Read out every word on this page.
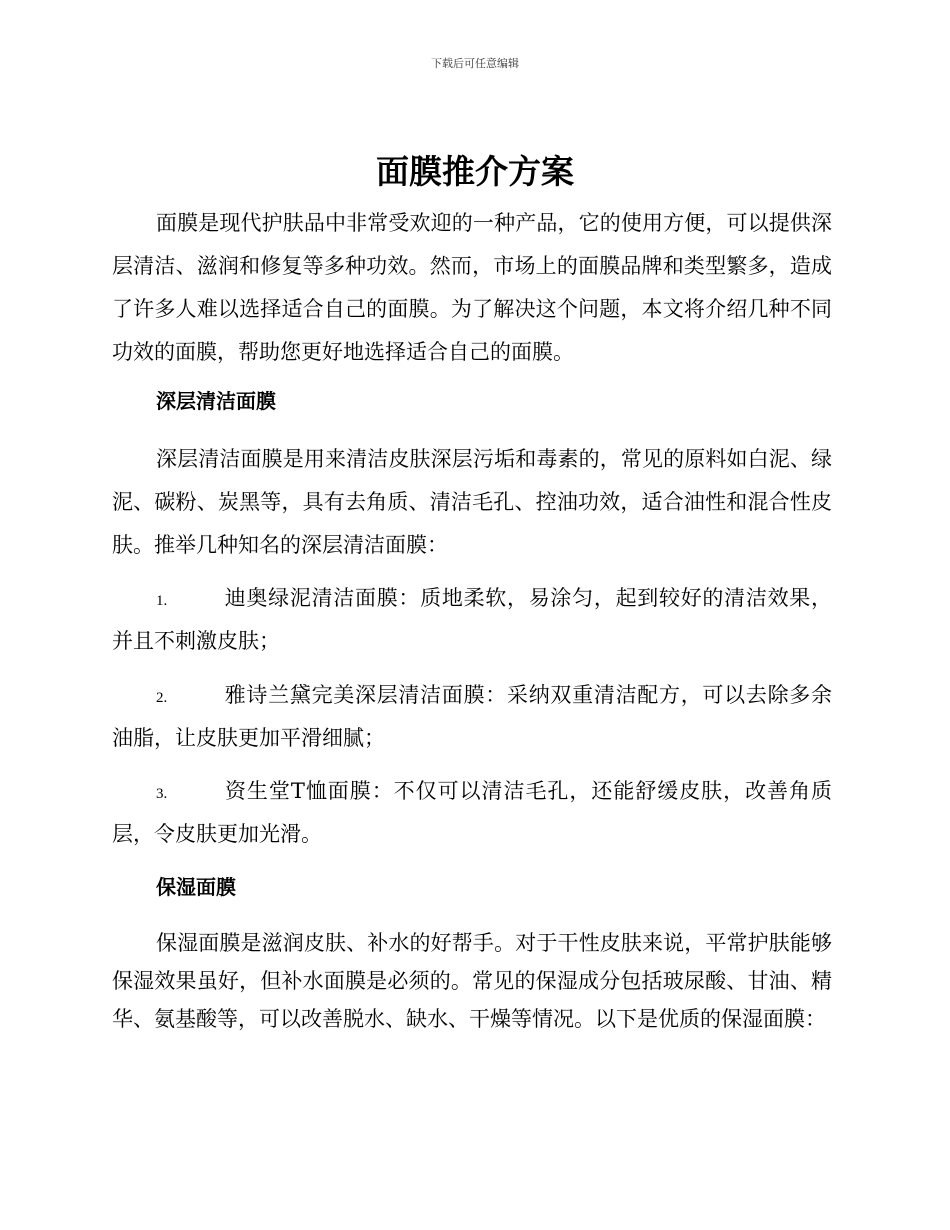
下载后可任意编辑
面膜推介方案

面膜是现代护肤品中非常受欢迎的一种产品，它的使用方便，可以提供深层清洁、滋润和修复等多种功效。然而，市场上的面膜品牌和类型繁多，造成了许多人难以选择适合自己的面膜。为了解决这个问题，本文将介绍几种不同功效的面膜，帮助您更好地选择适合自己的面膜。

深层清洁面膜

深层清洁面膜是用来清洁皮肤深层污垢和毒素的，常见的原料如白泥、绿泥、碳粉、炭黑等，具有去角质、清洁毛孔、控油功效，适合油性和混合性皮肤。推举几种知名的深层清洁面膜：

1.	迪奥绿泥清洁面膜：质地柔软，易涂匀，起到较好的清洁效果，并且不刺激皮肤；
2.	雅诗兰黛完美深层清洁面膜：采纳双重清洁配方，可以去除多余油脂，让皮肤更加平滑细腻；
3.	资生堂T恤面膜：不仅可以清洁毛孔，还能舒缓皮肤，改善角质层，令皮肤更加光滑。
保湿面膜

保湿面膜是滋润皮肤、补水的好帮手。对于干性皮肤来说，平常护肤能够保湿效果虽好，但补水面膜是必须的。常见的保湿成分包括玻尿酸、甘油、精华、氨基酸等，可以改善脱水、缺水、干燥等情况。以下是优质的保湿面膜：
